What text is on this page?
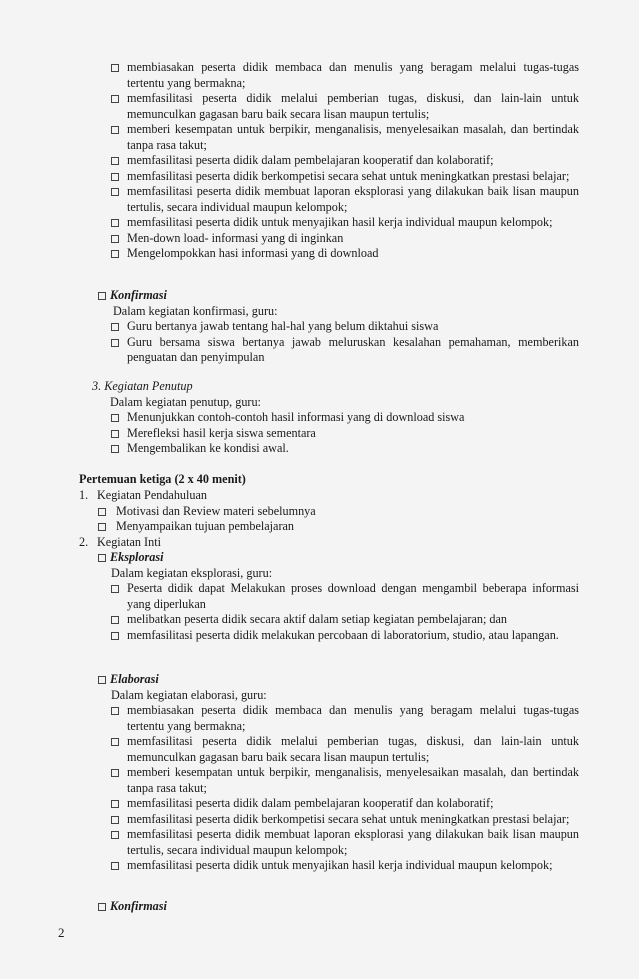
membiasakan peserta didik membaca dan menulis yang beragam melalui tugas-tugas tertentu yang bermakna;
memfasilitasi peserta didik melalui pemberian tugas, diskusi, dan lain-lain untuk memunculkan gagasan baru baik secara lisan maupun tertulis;
memberi kesempatan untuk berpikir, menganalisis, menyelesaikan masalah, dan bertindak tanpa rasa takut;
memfasilitasi peserta didik dalam pembelajaran kooperatif dan kolaboratif;
memfasilitasi peserta didik berkompetisi secara sehat untuk meningkatkan prestasi belajar;
memfasilitasi peserta didik membuat laporan eksplorasi yang dilakukan baik lisan maupun tertulis, secara individual maupun kelompok;
memfasilitasi peserta didik untuk menyajikan hasil kerja individual maupun kelompok;
Men-down load- informasi yang di inginkan
Mengelompokkan hasi informasi yang di download
Konfirmasi
Dalam kegiatan konfirmasi, guru:
Guru bertanya jawab tentang hal-hal yang belum diktahui siswa
Guru bersama siswa bertanya jawab meluruskan kesalahan pemahaman, memberikan penguatan dan penyimpulan
3. Kegiatan Penutup
Dalam kegiatan penutup, guru:
Menunjukkan contoh-contoh hasil informasi yang di download siswa
Merefleksi hasil kerja siswa sementara
Mengembalikan ke kondisi awal.
Pertemuan ketiga (2 x 40 menit)
1. Kegiatan Pendahuluan
Motivasi dan Review materi sebelumnya
Menyampaikan tujuan pembelajaran
2. Kegiatan Inti
Eksplorasi
Dalam kegiatan eksplorasi, guru:
Peserta didik dapat Melakukan proses download dengan mengambil beberapa informasi yang diperlukan
melibatkan peserta didik secara aktif dalam setiap kegiatan pembelajaran; dan
memfasilitasi peserta didik melakukan percobaan di laboratorium, studio, atau lapangan.
Elaborasi
Dalam kegiatan elaborasi, guru:
membiasakan peserta didik membaca dan menulis yang beragam melalui tugas-tugas tertentu yang bermakna;
memfasilitasi peserta didik melalui pemberian tugas, diskusi, dan lain-lain untuk memunculkan gagasan baru baik secara lisan maupun tertulis;
memberi kesempatan untuk berpikir, menganalisis, menyelesaikan masalah, dan bertindak tanpa rasa takut;
memfasilitasi peserta didik dalam pembelajaran kooperatif dan kolaboratif;
memfasilitasi peserta didik berkompetisi secara sehat untuk meningkatkan prestasi belajar;
memfasilitasi peserta didik membuat laporan eksplorasi yang dilakukan baik lisan maupun tertulis, secara individual maupun kelompok;
memfasilitasi peserta didik untuk menyajikan hasil kerja individual maupun kelompok;
Konfirmasi
2
